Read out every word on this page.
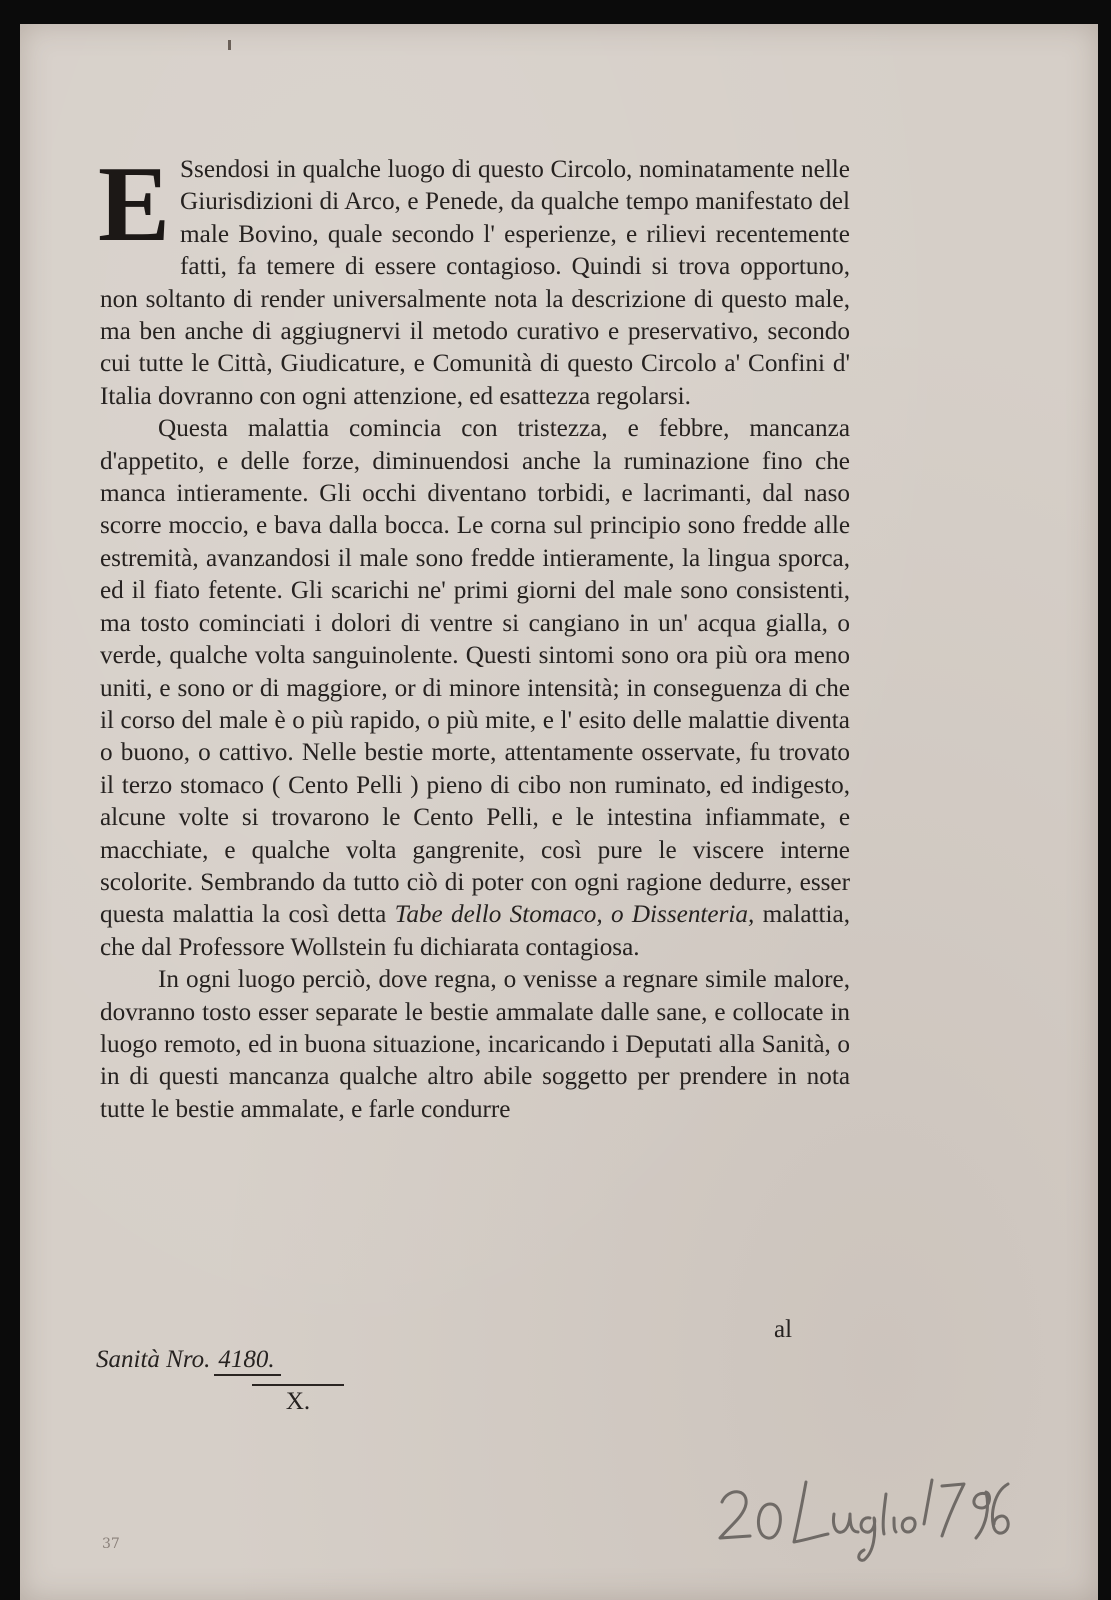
E Ssendosi in qualche luogo di questo Circolo, nominatamente nelle Giurisdizioni di Arco, e Penede, da qualche tempo manifestato del male Bovino, quale secondo l' esperienze, e rilievi recentemente fatti, fa temere di essere contagioso. Quindi si trova opportuno, non soltanto di render universalmente nota la descrizione di questo male, ma ben anche di aggiugnervi il metodo curativo e preservativo, secondo cui tutte le Città, Giudicature, e Comunità di questo Circolo a' Confini d' Italia dovranno con ogni attenzione, ed esattezza regolarsi.

Questa malattia comincia con tristezza, e febbre, mancanza d'appetito, e delle forze, diminuendosi anche la ruminazione fino che manca intieramente. Gli occhi diventano torbidi, e lacrimanti, dal naso scorre moccio, e bava dalla bocca. Le corna sul principio sono fredde alle estremità, avanzandosi il male sono fredde intieramente, la lingua sporca, ed il fiato fetente. Gli scarichi ne' primi giorni del male sono consistenti, ma tosto cominciati i dolori di ventre si cangiano in un' acqua gialla, o verde, qualche volta sanguinolente. Questi sintomi sono ora più ora meno uniti, e sono or di maggiore, or di minore intensità; in conseguenza di che il corso del male è o più rapido, o più mite, e l' esito delle malattie diventa o buono, o cattivo. Nelle bestie morte, attentamente osservate, fu trovato il terzo stomaco ( Cento Pelli ) pieno di cibo non ruminato, ed indigesto, alcune volte si trovarono le Cento Pelli, e le intestina infiammate, e macchiate, e qualche volta gangrenite, così pure le viscere interne scolorite. Sembrando da tutto ciò di poter con ogni ragione dedurre, esser questa malattia la così detta Tabe dello Stomaco, o Dissenteria, malattia, che dal Professore Wollstein fu dichiarata contagiosa.

In ogni luogo perciò, dove regna, o venisse a regnare simile malore, dovranno tosto esser separate le bestie ammalate dalle sane, e collocate in luogo remoto, ed in buona situazione, incaricando i Deputati alla Sanità, o in di questi mancanza qualche altro abile soggetto per prendere in nota tutte le bestie ammalate, e farle condurre

al
Sanità Nro. 4180.
X.
37
